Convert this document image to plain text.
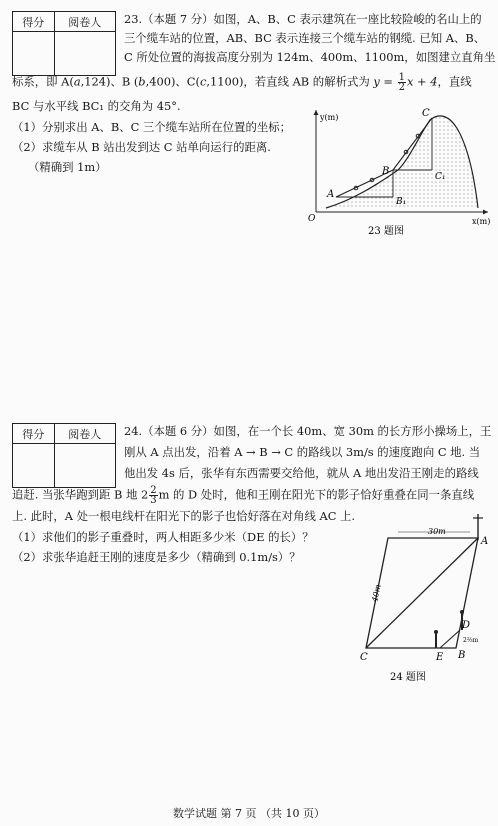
得分	阅卷人
	23.（本题 7 分）如图，A、B、C 表示建筑在一座比较险峻的名山上的
三个缆车站的位置，AB、BC 表示连接三个缆车站的钢缆. 已知 A、B、
C 所处位置的海拔高度分别为 124m、400m、1100m，如图建立直角坐
标系，即 A(a,124)、B (b,400)、C(c,1100)，若直线 AB 的解析式为 $y = \frac{1}{2}$ x + 4，直线
BC 与水平线 BC₁ 的交角为 45°.
（1）分别求出 A、B、C 三个缆车站所在位置的坐标；
（2）求缆车从 B 站出发到达 C 站单向运行的距离.
（精确到 1m）
y(m)
x(m)
O
A
B
C
B₁
C₁
23 题图
得分	阅卷人
	24.（本题 6 分）如图，在一个长 40m、宽 30m 的长方形小操场上，王
刚从 A 点出发，沿着 A → B → C 的路线以 3m/s 的速度跑向 C 地. 当
他出发 4s 后，张华有东西需要交给他，就从 A 地出发沿王刚走的路线
追赶. 当张华跑到距 B 地 $2 \frac{2}{3}$ m 的 D 处时，他和王刚在阳光下的影子恰好重叠在同一条直线
上. 此时，A 处一根电线杆在阳光下的影子也恰好落在对角线 AC 上.
（1）求他们的影子重叠时，两人相距多少米（DE 的长）？
（2）求张华追赶王刚的速度是多少（精确到 0.1m/s）？
30m
40m
2⅔m
A
B
C
D
E
24 题图
数学试题 第 7 页 （共 10 页）
